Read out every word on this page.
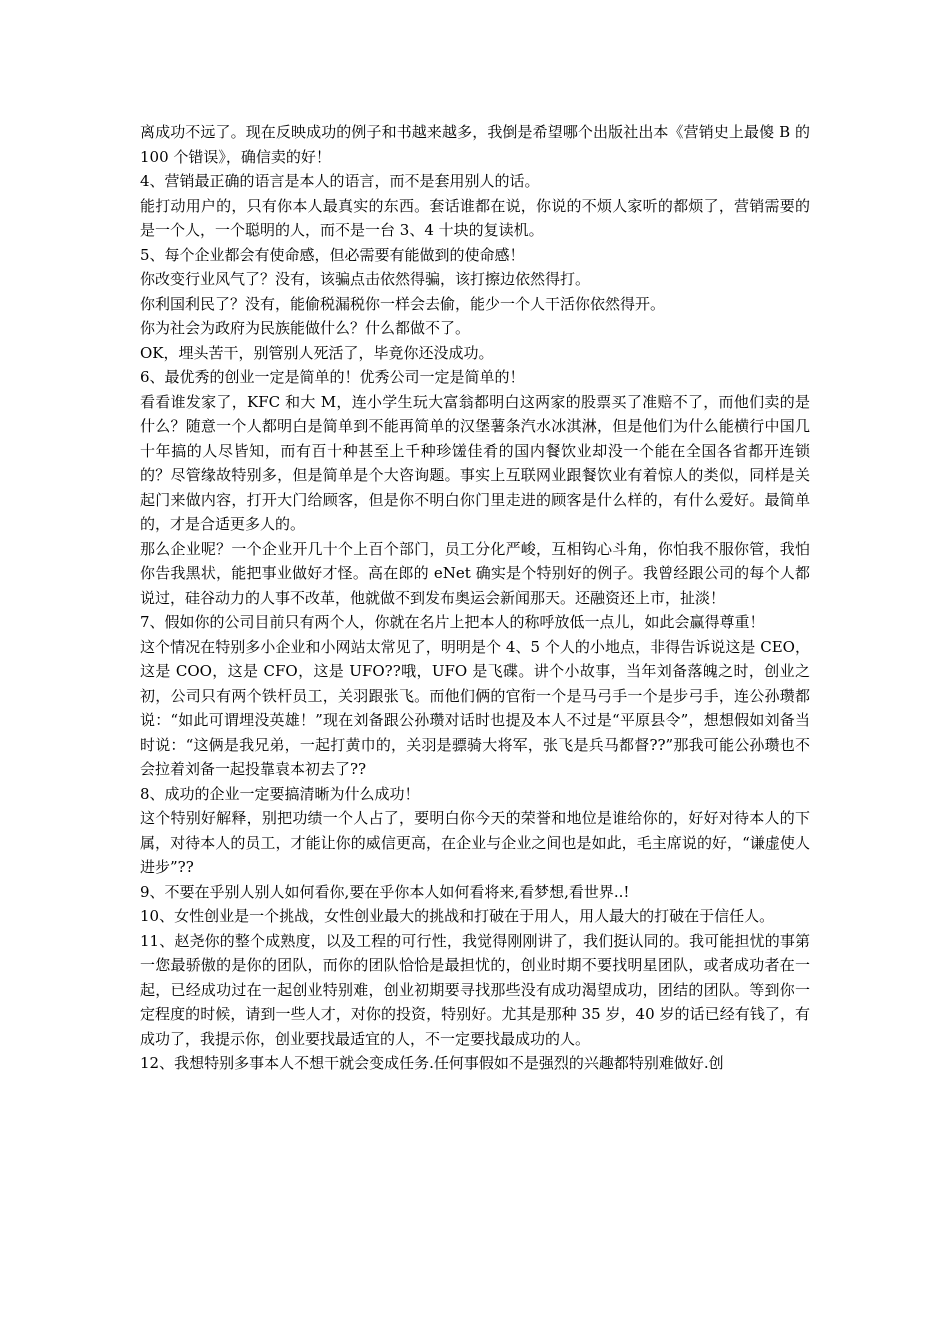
离成功不远了。现在反映成功的例子和书越来越多，我倒是希望哪个出版社出本《营销史上最傻 B 的 100 个错误》，确信卖的好！

4、营销最正确的语言是本人的语言，而不是套用别人的话。

能打动用户的，只有你本人最真实的东西。套话谁都在说，你说的不烦人家听的都烦了，营销需要的是一个人，一个聪明的人，而不是一台 3、4 十块的复读机。

5、每个企业都会有使命感，但必需要有能做到的使命感！

你改变行业风气了？没有，该骗点击依然得骗，该打擦边依然得打。

你利国利民了？没有，能偷税漏税你一样会去偷，能少一个人干活你依然得开。

你为社会为政府为民族能做什么？什么都做不了。

OK，埋头苦干，别管别人死活了，毕竟你还没成功。

6、最优秀的创业一定是简单的！优秀公司一定是简单的！

看看谁发家了，KFC 和大 M，连小学生玩大富翁都明白这两家的股票买了准赔不了，而他们卖的是什么？随意一个人都明白是简单到不能再简单的汉堡薯条汽水冰淇淋，但是他们为什么能横行中国几十年搞的人尽皆知，而有百十种甚至上千种珍馐佳肴的国内餐饮业却没一个能在全国各省都开连锁的？尽管缘故特别多，但是简单是个大咨询题。事实上互联网业跟餐饮业有着惊人的类似，同样是关起门来做内容，打开大门给顾客，但是你不明白你门里走进的顾客是什么样的，有什么爱好。最简单的，才是合适更多人的。

那么企业呢？一个企业开几十个上百个部门，员工分化严峻，互相钩心斗角，你怕我不服你管，我怕你告我黑状，能把事业做好才怪。高在郎的 eNet 确实是个特别好的例子。我曾经跟公司的每个人都说过，硅谷动力的人事不改革，他就做不到发布奥运会新闻那天。还融资还上市，扯淡！

7、假如你的公司目前只有两个人，你就在名片上把本人的称呼放低一点儿，如此会赢得尊重！

这个情况在特别多小企业和小网站太常见了，明明是个 4、5 个人的小地点，非得告诉说这是 CEO，这是 COO，这是 CFO，这是 UFO??哦，UFO 是飞碟。讲个小故事，当年刘备落魄之时，创业之初，公司只有两个铁杆员工，关羽跟张飞。而他们俩的官衔一个是马弓手一个是步弓手，连公孙瓒都说：“如此可谓埋没英雄！”现在刘备跟公孙瓒对话时也提及本人不过是“平原县令”，想想假如刘备当时说：“这俩是我兄弟，一起打黄巾的，关羽是骠骑大将军，张飞是兵马都督??”那我可能公孙瓒也不会拉着刘备一起投靠袁本初去了??

8、成功的企业一定要搞清晰为什么成功！

这个特别好解释，别把功绩一个人占了，要明白你今天的荣誉和地位是谁给你的，好好对待本人的下属，对待本人的员工，才能让你的威信更高，在企业与企业之间也是如此，毛主席说的好，“谦虚使人进步”??

9、不要在乎别人别人如何看你,要在乎你本人如何看将来,看梦想,看世界..!

10、女性创业是一个挑战，女性创业最大的挑战和打破在于用人，用人最大的打破在于信任人。

11、赵尧你的整个成熟度，以及工程的可行性，我觉得刚刚讲了，我们挺认同的。我可能担忧的事第一您最骄傲的是你的团队，而你的团队恰恰是最担忧的，创业时期不要找明星团队，或者成功者在一起，已经成功过在一起创业特别难，创业初期要寻找那些没有成功渴望成功，团结的团队。等到你一定程度的时候，请到一些人才，对你的投资，特别好。尤其是那种 35 岁，40 岁的话已经有钱了，有成功了，我提示你，创业要找最适宜的人，不一定要找最成功的人。

12、我想特别多事本人不想干就会变成任务.任何事假如不是强烈的兴趣都特别难做好.创
